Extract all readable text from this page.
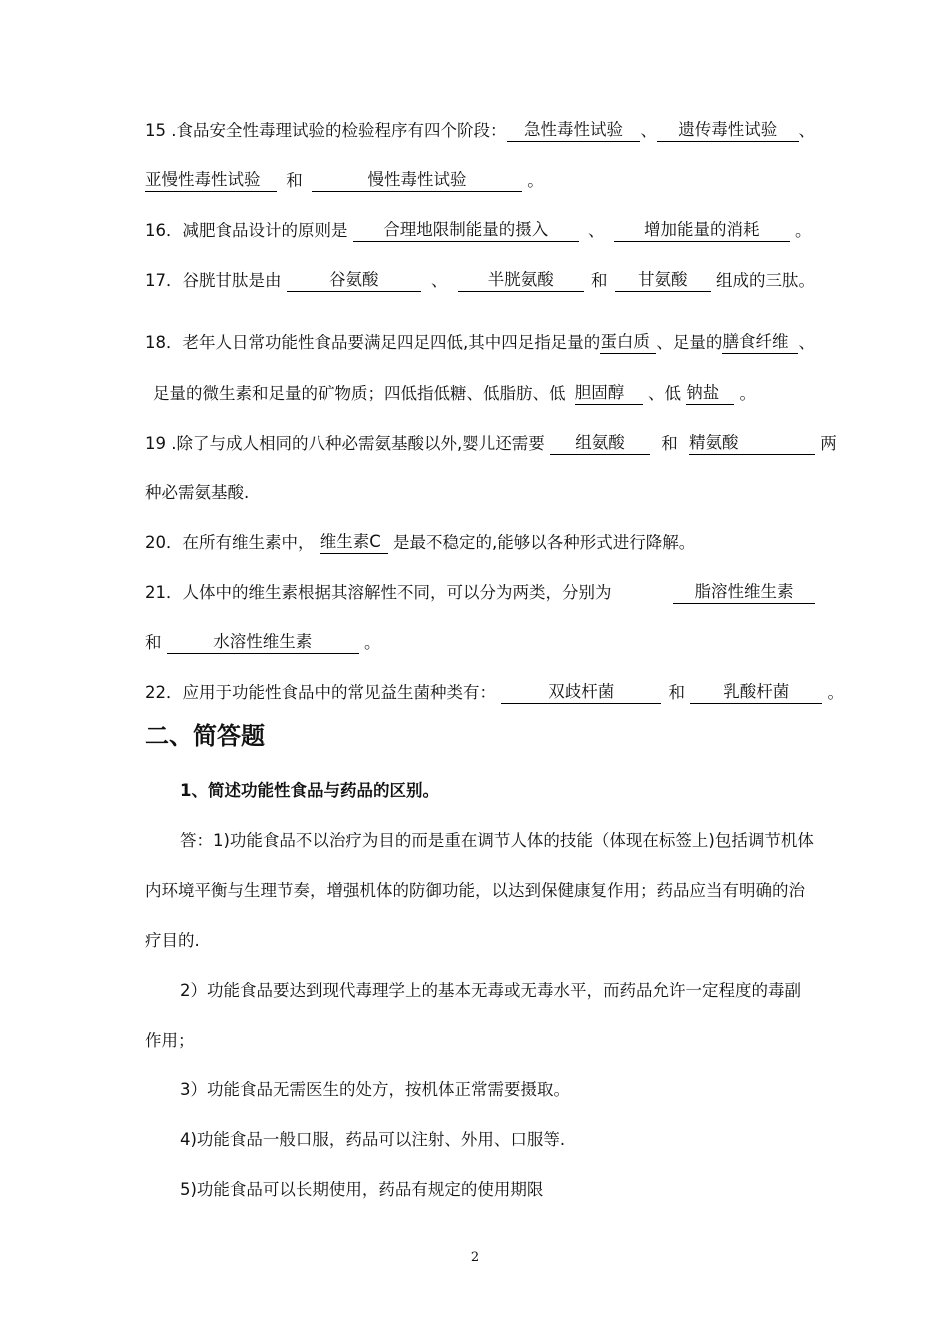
15 .食品安全性毒理试验的检验程序有四个阶段：	急性毒性试验	、	遗传毒性试验	、
亚慢性毒性试验 和	慢性毒性试验	。
16．减肥食品设计的原则是 合理地限制能量的摄入 、 增加能量的消耗 。
17．谷胱甘肽是由	谷氨酸	、 半胱氨酸 和 甘氨酸 组成的三肽。
18．老年人日常功能性食品要满足四足四低,其中四足指足量的 蛋白质 、足量的 膳食纤维 、
足量的微生素和足量的矿物质；四低指低糖、低脂肪、低 胆固醇 、低 钠盐 。
19 .除了与成人相同的八种必需氨基酸以外,婴儿还需要 组氨酸 和 精氨酸	两
种必需氨基酸.
20．在所有维生素中， 维生素C 是最不稳定的,能够以各种形式进行降解。
21．人体中的维生素根据其溶解性不同，可以分为两类，分别为	脂溶性维生素
和	水溶性维生素	。
22．应用于功能性食品中的常见益生菌种类有：	双歧杆菌	和 乳酸杆菌 。
二、简答题
1、简述功能性食品与药品的区别。
答：1)功能食品不以治疗为目的而是重在调节人体的技能（体现在标签上)包括调节机体
内环境平衡与生理节奏，增强机体的防御功能，以达到保健康复作用；药品应当有明确的治
疗目的.
2）功能食品要达到现代毒理学上的基本无毒或无毒水平，而药品允许一定程度的毒副
作用；
3）功能食品无需医生的处方，按机体正常需要摄取。
4)功能食品一般口服，药品可以注射、外用、口服等.
5)功能食品可以长期使用，药品有规定的使用期限
2
